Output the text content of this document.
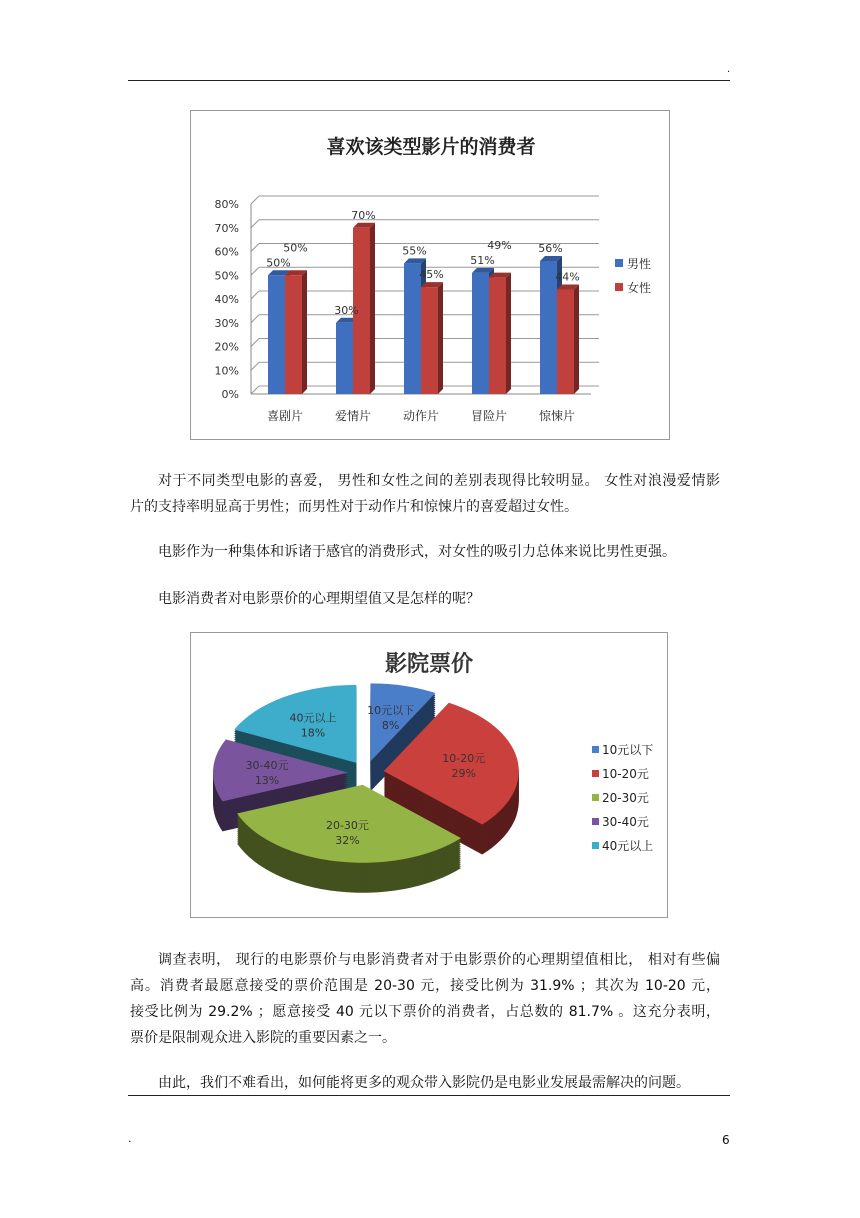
.
喜欢该类型影片的消费者
0%
10%
20%
30%
40%
50%
60%
70%
80%
50%
50%
喜剧片
30%
70%
爱情片
55%
45%
动作片
51%
49%
冒险片
56%
44%
惊悚片
男性
女性
对于不同类型电影的喜爱， 男性和女性之间的差别表现得比较明显。 女性对浪漫爱情影
片的支持率明显高于男性；而男性对于动作片和惊悚片的喜爱超过女性。
电影作为一种集体和诉诸于感官的消费形式，对女性的吸引力总体来说比男性更强。
电影消费者对电影票价的心理期望值又是怎样的呢？
影院票价
10元以下
8%
10-20元
29%
20-30元
32%
30-40元
13%
40元以上
18%
10元以下
10-20元
20-30元
30-40元
40元以上
调查表明， 现行的电影票价与电影消费者对于电影票价的心理期望值相比， 相对有些偏
高。消费者最愿意接受的票价范围是 20-30 元，接受比例为 31.9% ；其次为 10-20 元，
接受比例为 29.2% ；愿意接受 40 元以下票价的消费者，占总数的 81.7% 。这充分表明，
票价是限制观众进入影院的重要因素之一。
由此，我们不难看出，如何能将更多的观众带入影院仍是电影业发展最需解决的问题。
.	6
